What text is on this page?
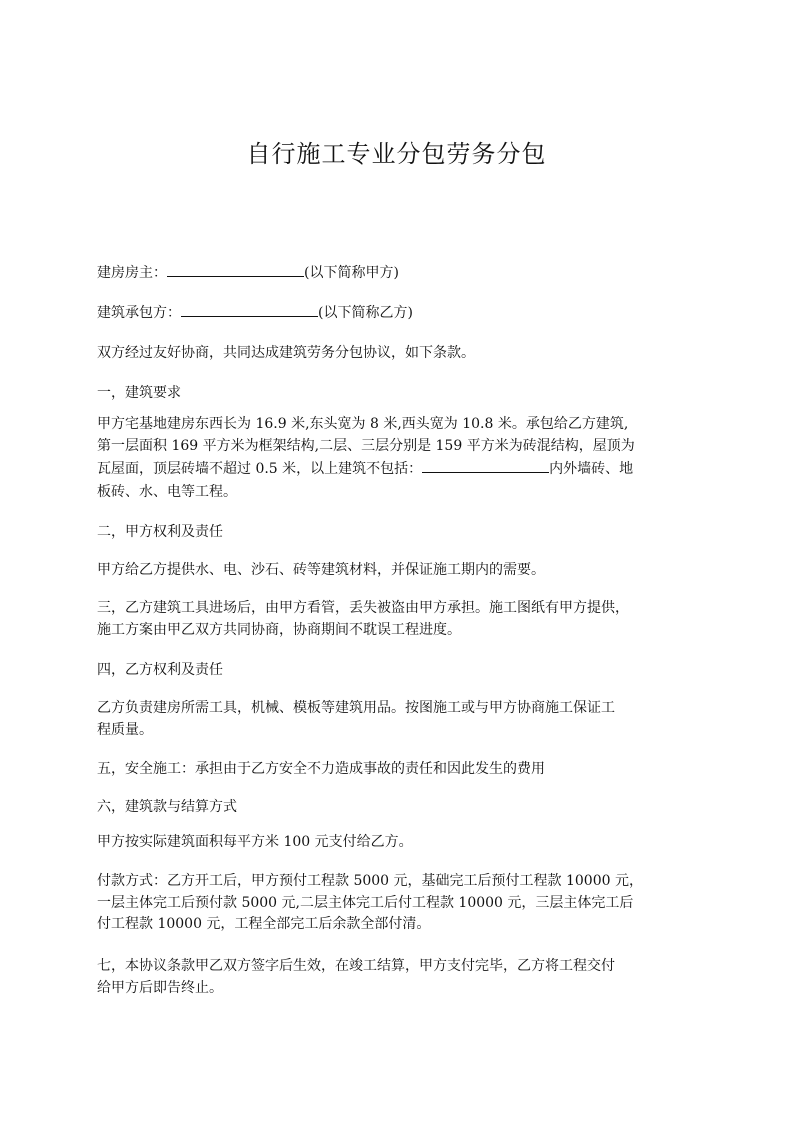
自行施工专业分包劳务分包

建房房主：	(以下简称甲方)

建筑承包方：	(以下简称乙方)

双方经过友好协商，共同达成建筑劳务分包协议，如下条款。

一，建筑要求

甲方宅基地建房东西长为 16.9 米,东头宽为 8 米,西头宽为 10.8 米。承包给乙方建筑,

第一层面积 169 平方米为框架结构,二层、三层分别是 159 平方米为砖混结构，屋顶为

瓦屋面，顶层砖墙不超过 0.5 米，以上建筑不包括：	内外墙砖、地

板砖、水、电等工程。

二，甲方权利及责任

甲方给乙方提供水、电、沙石、砖等建筑材料，并保证施工期内的需要。

三，乙方建筑工具进场后，由甲方看管，丢失被盗由甲方承担。施工图纸有甲方提供，

施工方案由甲乙双方共同协商，协商期间不耽误工程进度。

四，乙方权利及责任

乙方负责建房所需工具，机械、模板等建筑用品。按图施工或与甲方协商施工保证工

程质量。

五，安全施工：承担由于乙方安全不力造成事故的责任和因此发生的费用

六，建筑款与结算方式

甲方按实际建筑面积每平方米 100 元支付给乙方。

付款方式：乙方开工后，甲方预付工程款 5000 元，基础完工后预付工程款 10000 元，

一层主体完工后预付款 5000 元,二层主体完工后付工程款 10000 元，三层主体完工后

付工程款 10000 元，工程全部完工后余款全部付清。

七，本协议条款甲乙双方签字后生效，在竣工结算，甲方支付完毕，乙方将工程交付

给甲方后即告终止。
